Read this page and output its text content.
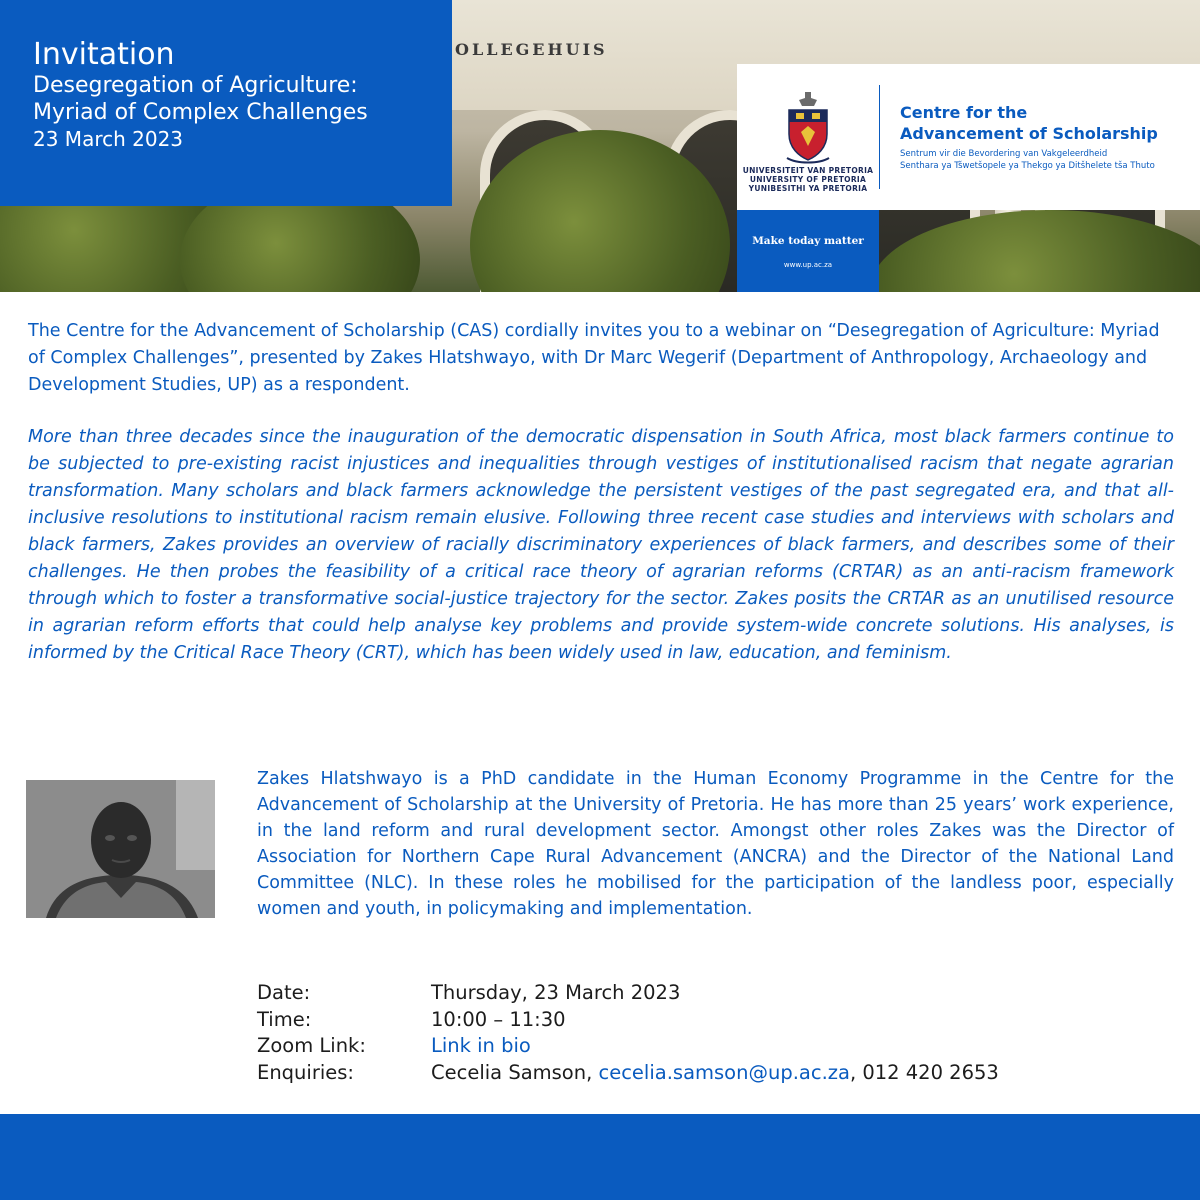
OLLEGEHUIS
Invitation
Desegregation of Agriculture:
Myriad of Complex Challenges
23 March 2023
UNIVERSITEIT VAN PRETORIA
UNIVERSITY OF PRETORIA
YUNIBESITHI YA PRETORIA
Centre for the
Advancement of Scholarship
Sentrum vir die Bevordering van Vakgeleerdheid
Senthara ya Tšwetšopele ya Thekgo ya Ditšhelete tša Thuto
Make today matter
www.up.ac.za

The Centre for the Advancement of Scholarship (CAS) cordially invites you to a webinar on “Desegregation of Agriculture: Myriad of Complex Challenges”, presented by Zakes Hlatshwayo, with Dr Marc Wegerif (Department of Anthropology, Archaeology and Development Studies, UP) as a respondent.

More than three decades since the inauguration of the democratic dispensation in South Africa, most black farmers continue to be subjected to pre-existing racist injustices and inequalities through vestiges of institutionalised racism that negate agrarian transformation. Many scholars and black farmers acknowledge the persistent vestiges of the past segregated era, and that all-inclusive resolutions to institutional racism remain elusive. Following three recent case studies and interviews with scholars and black farmers, Zakes provides an overview of racially discriminatory experiences of black farmers, and describes some of their challenges. He then probes the feasibility of a critical race theory of agrarian reforms (CRTAR) as an anti-racism framework through which to foster a transformative social-justice trajectory for the sector. Zakes posits the CRTAR as an unutilised resource in agrarian reform efforts that could help analyse key problems and provide system-wide concrete solutions. His analyses, is informed by the Critical Race Theory (CRT), which has been widely used in law, education, and feminism.

Zakes Hlatshwayo is a PhD candidate in the Human Economy Programme in the Centre for the Advancement of Scholarship at the University of Pretoria. He has more than 25 years’ work experience, in the land reform and rural development sector. Amongst other roles Zakes was the Director of Association for Northern Cape Rural Advancement (ANCRA) and the Director of the National Land Committee (NLC). In these roles he mobilised for the participation of the landless poor, especially women and youth, in policymaking and implementation.

Date:	Thursday, 23 March 2023
Time:	10:00 – 11:30
Zoom Link:	Link in bio
Enquiries:	Cecelia Samson, cecelia.samson@up.ac.za, 012 420 2653
